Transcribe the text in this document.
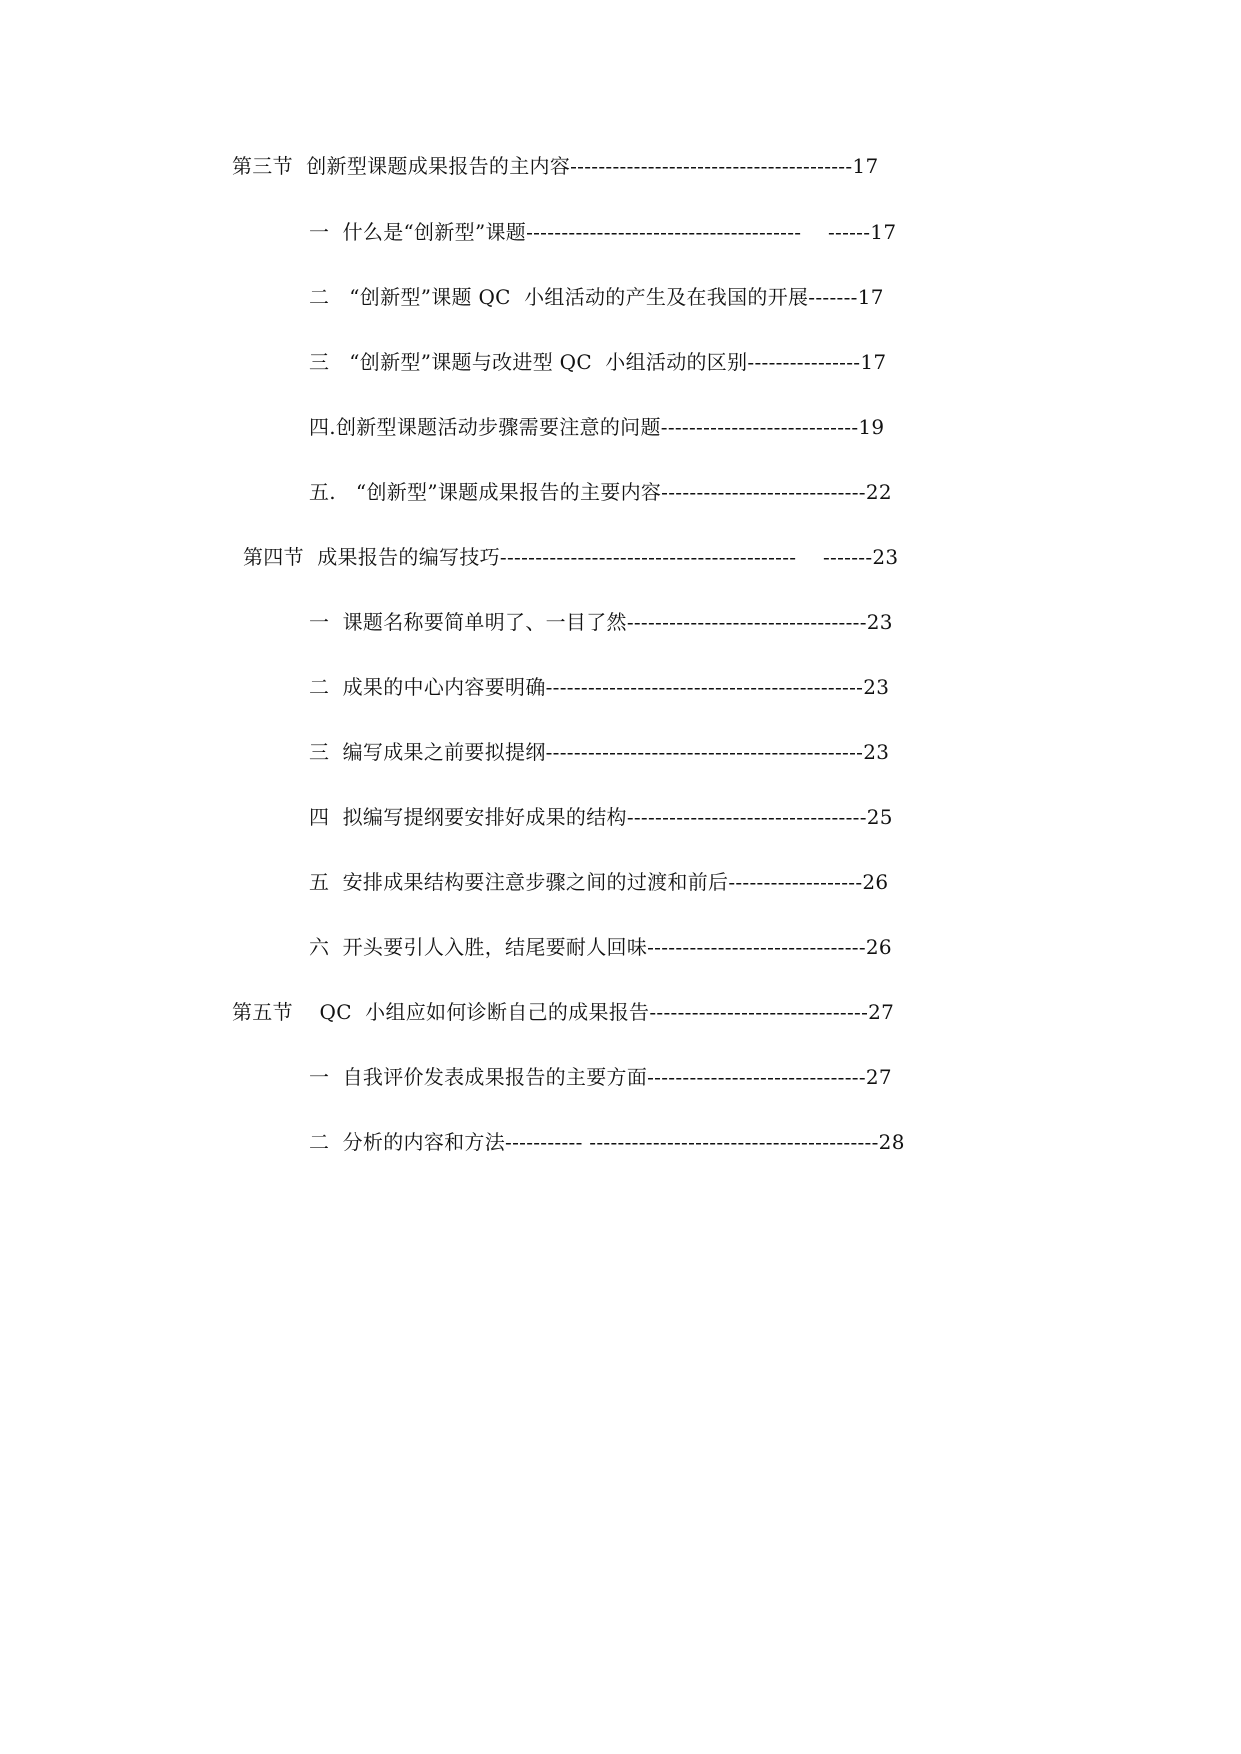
第三节  创新型课题成果报告的主内容----------------------------------------17
一  什么是“创新型”课题---------------------------------------    ------17
二   “创新型”课题 QC  小组活动的产生及在我国的开展-------17
三   “创新型”课题与改进型 QC  小组活动的区别----------------17
四.创新型课题活动步骤需要注意的问题----------------------------19
五.   “创新型”课题成果报告的主要内容-----------------------------22
第四节  成果报告的编写技巧------------------------------------------    -------23
一  课题名称要简单明了、一目了然----------------------------------23
二  成果的中心内容要明确---------------------------------------------23
三  编写成果之前要拟提纲---------------------------------------------23
四  拟编写提纲要安排好成果的结构----------------------------------25
五  安排成果结构要注意步骤之间的过渡和前后-------------------26
六  开头要引人入胜，结尾要耐人回味-------------------------------26
第五节    QC  小组应如何诊断自己的成果报告-------------------------------27
一  自我评价发表成果报告的主要方面-------------------------------27
二  分析的内容和方法----------- -----------------------------------------28
